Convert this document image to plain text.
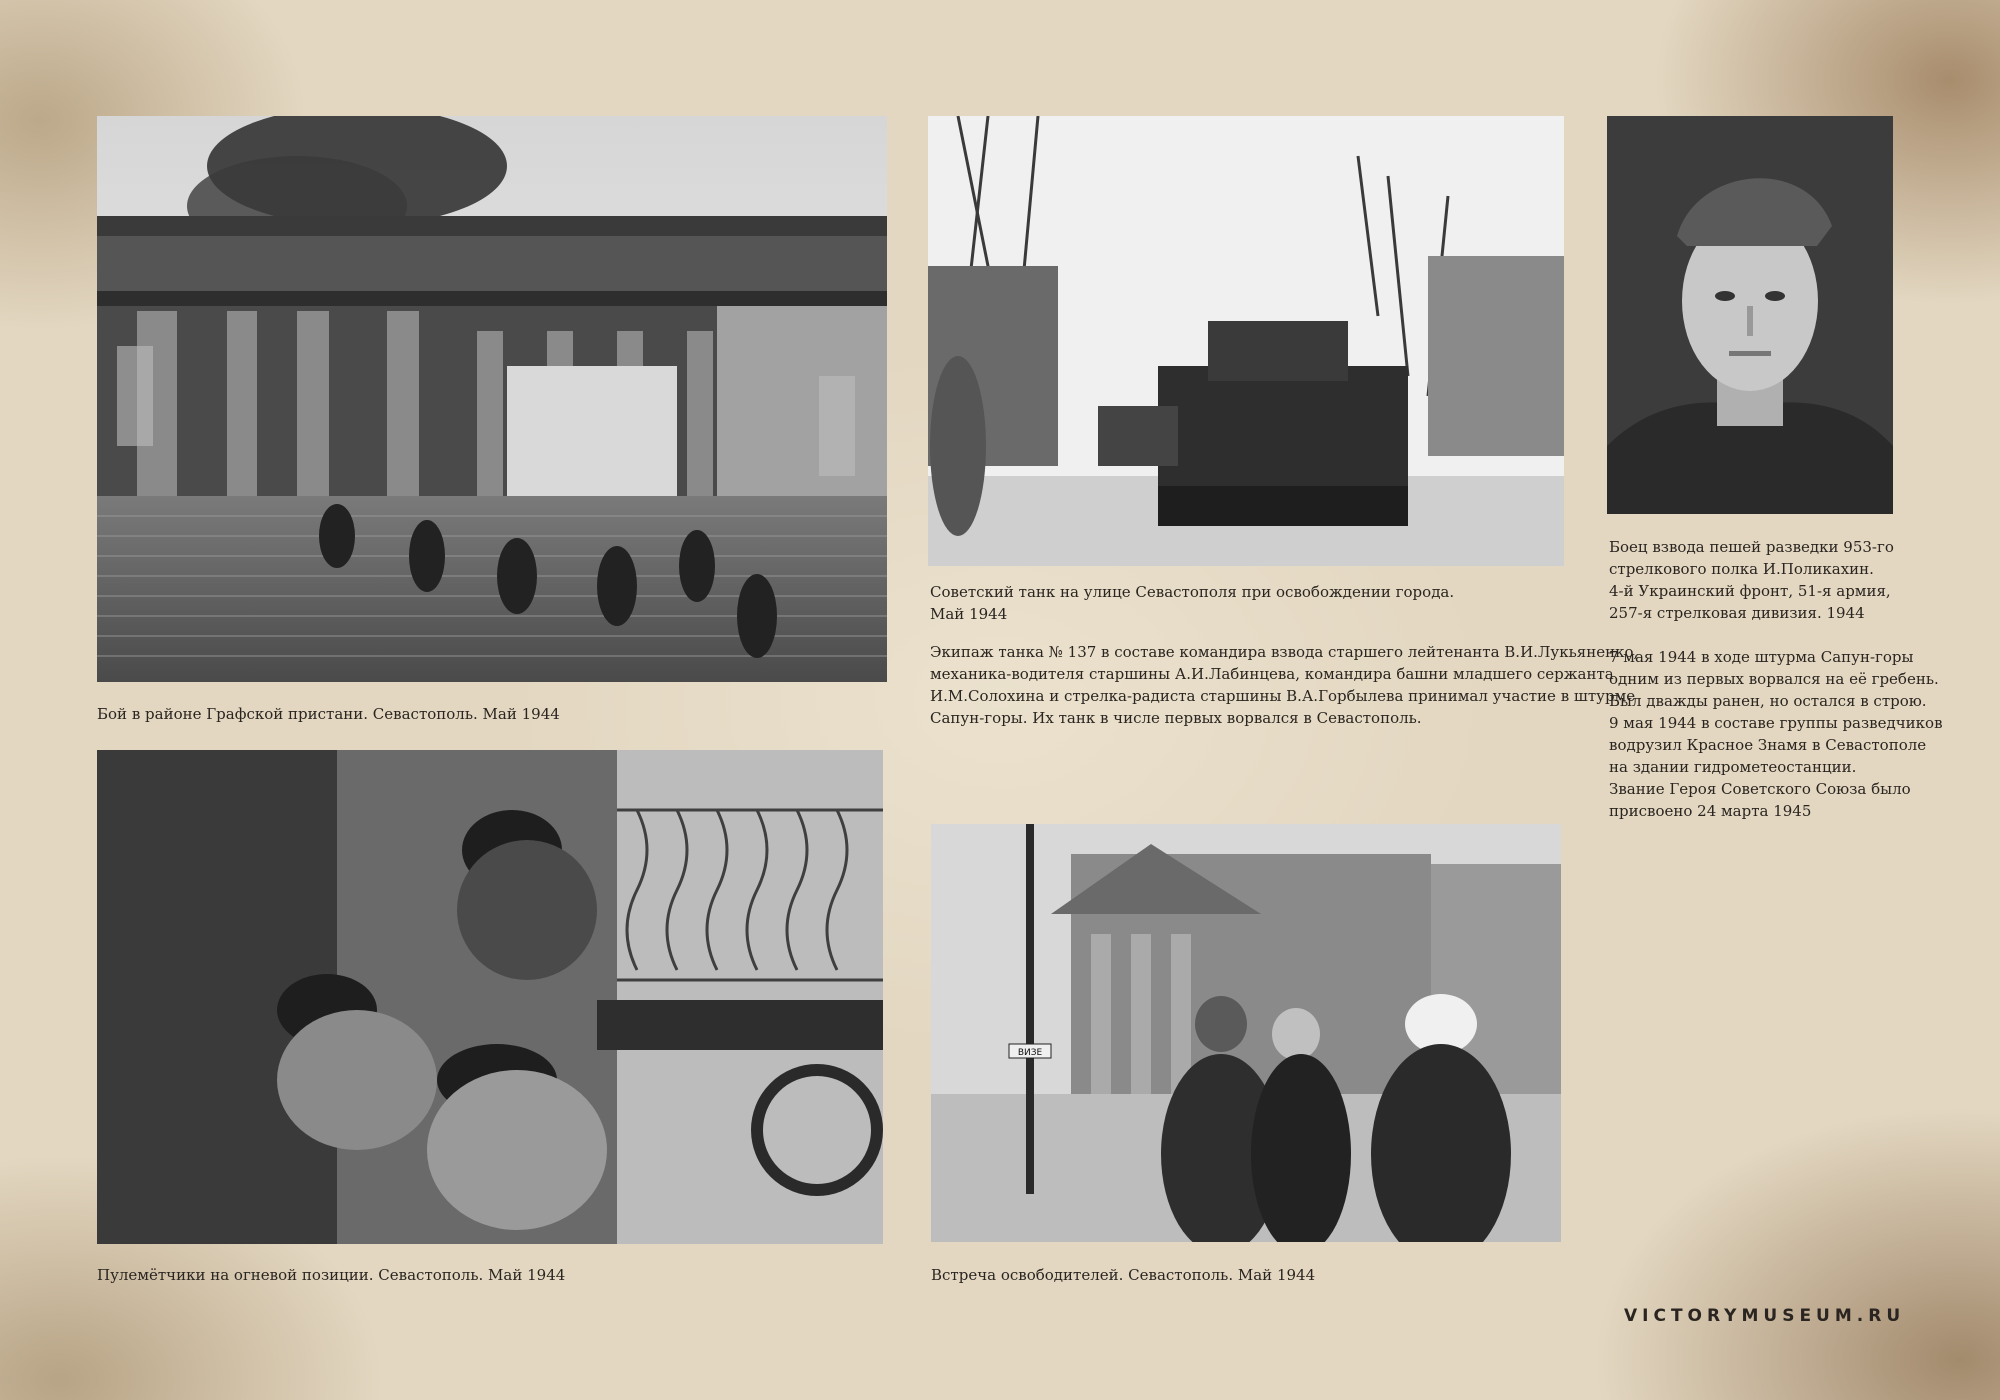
Бой в районе Графской пристани. Севастополь. Май 1944

Советский танк на улице Севастополя при освобождении города.

Май 1944

Экипаж танка № 137 в составе командира взвода старшего лейтенанта В.И.Лукьяненко,

механика-водителя старшины А.И.Лабинцева, командира башни младшего сержанта

И.М.Солохина и стрелка-радиста старшины В.А.Горбылева принимал участие в штурме

Сапун-горы. Их танк в числе первых ворвался в Севастополь.

Боец взвода пешей разведки 953-го

стрелкового полка И.Поликахин.

4-й Украинский фронт, 51-я армия,

257-я стрелковая дивизия. 1944

7 мая 1944 в ходе штурма Сапун-горы

одним из первых ворвался на её гребень.

Был дважды ранен, но остался в строю.

9 мая 1944 в составе группы разведчиков

водрузил Красное Знамя в Севастополе

на здании гидрометеостанции.

Звание Героя Советского Союза было

присвоено 24 марта 1945

Пулемётчики на огневой позиции. Севастополь. Май 1944

ВИЗЕ

Встреча освободителей. Севастополь. Май 1944

VICTORYMUSEUM.RU
